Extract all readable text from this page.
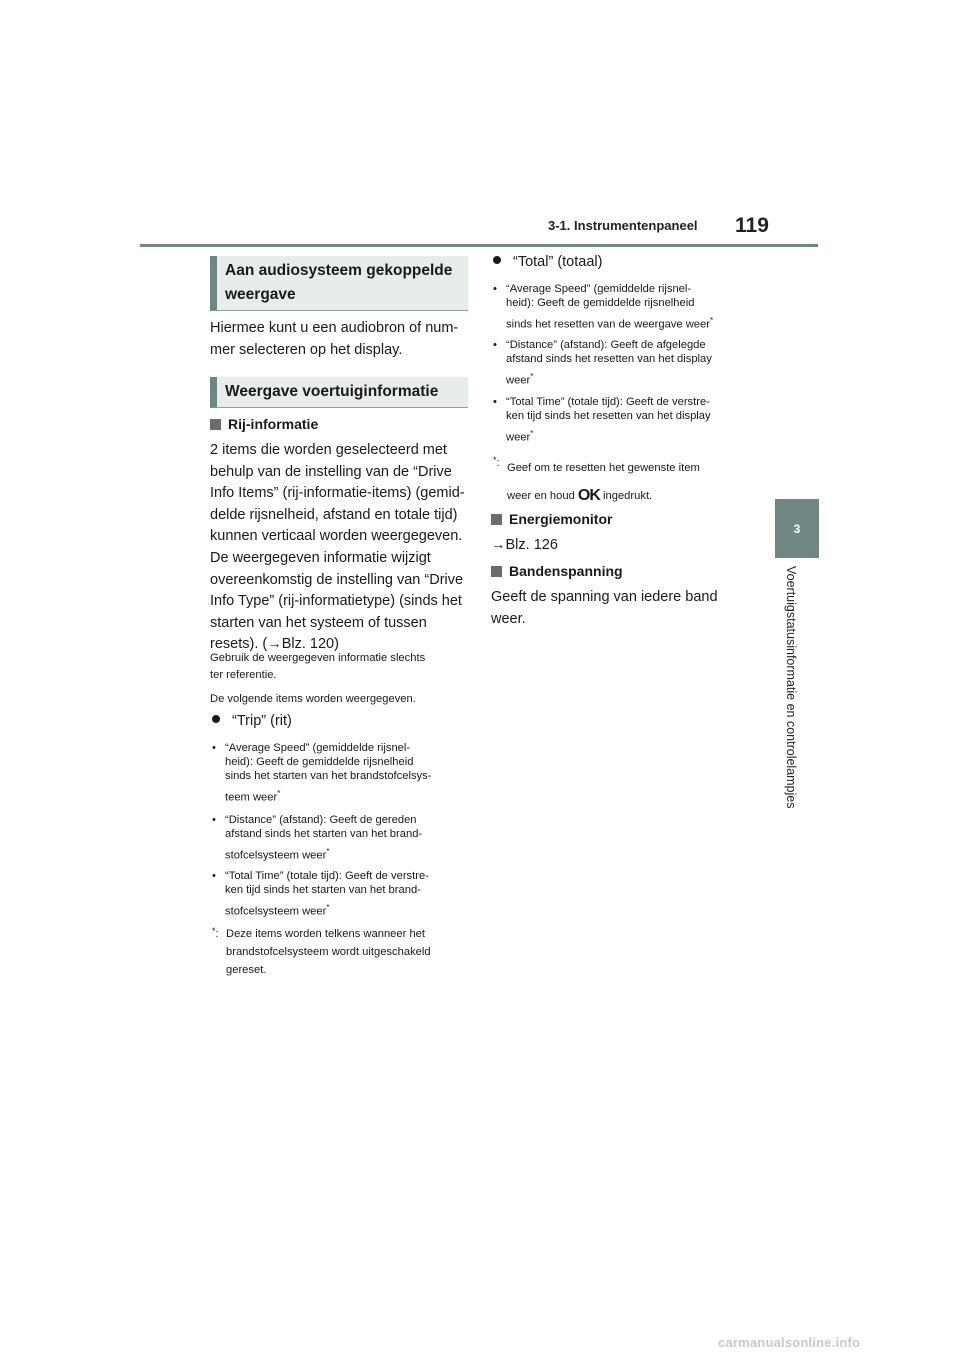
3-1. Instrumentenpaneel 119
3
Voertuigstatusinformatie en controlelampjes
Aan audiosysteem gekoppelde weergave
Hiermee kunt u een audiobron of num-
mer selecteren op het display.
Weergave voertuiginformatie
Rij-informatie
2 items die worden geselecteerd met
behulp van de instelling van de “Drive
Info Items” (rij-informatie-items) (gemid-
delde rijsnelheid, afstand en totale tijd)
kunnen verticaal worden weergegeven.
De weergegeven informatie wijzigt
overeenkomstig de instelling van “Drive
Info Type” (rij-informatietype) (sinds het
starten van het systeem of tussen
resets). (→Blz. 120)
Gebruik de weergegeven informatie slechts
ter referentie.
De volgende items worden weergegeven.
“Trip” (rit)
• “Average Speed” (gemiddelde rijsnel-
heid): Geeft de gemiddelde rijsnelheid
sinds het starten van het brandstofcelsys-
teem weer*
• “Distance” (afstand): Geeft de gereden
afstand sinds het starten van het brand-
stofcelsysteem weer*
• “Total Time” (totale tijd): Geeft de verstre-
ken tijd sinds het starten van het brand-
stofcelsysteem weer*
*: Deze items worden telkens wanneer het
brandstofcelsysteem wordt uitgeschakeld
gereset.
“Total” (totaal)
• “Average Speed” (gemiddelde rijsnel-
heid): Geeft de gemiddelde rijsnelheid
sinds het resetten van de weergave weer*
• “Distance” (afstand): Geeft de afgelegde
afstand sinds het resetten van het display
weer*
• “Total Time” (totale tijd): Geeft de verstre-
ken tijd sinds het resetten van het display
weer*
*: Geef om te resetten het gewenste item
weer en houd OK ingedrukt.
Energiemonitor
→Blz. 126
Bandenspanning
Geeft de spanning van iedere band
weer.
carmanualsonline.info
